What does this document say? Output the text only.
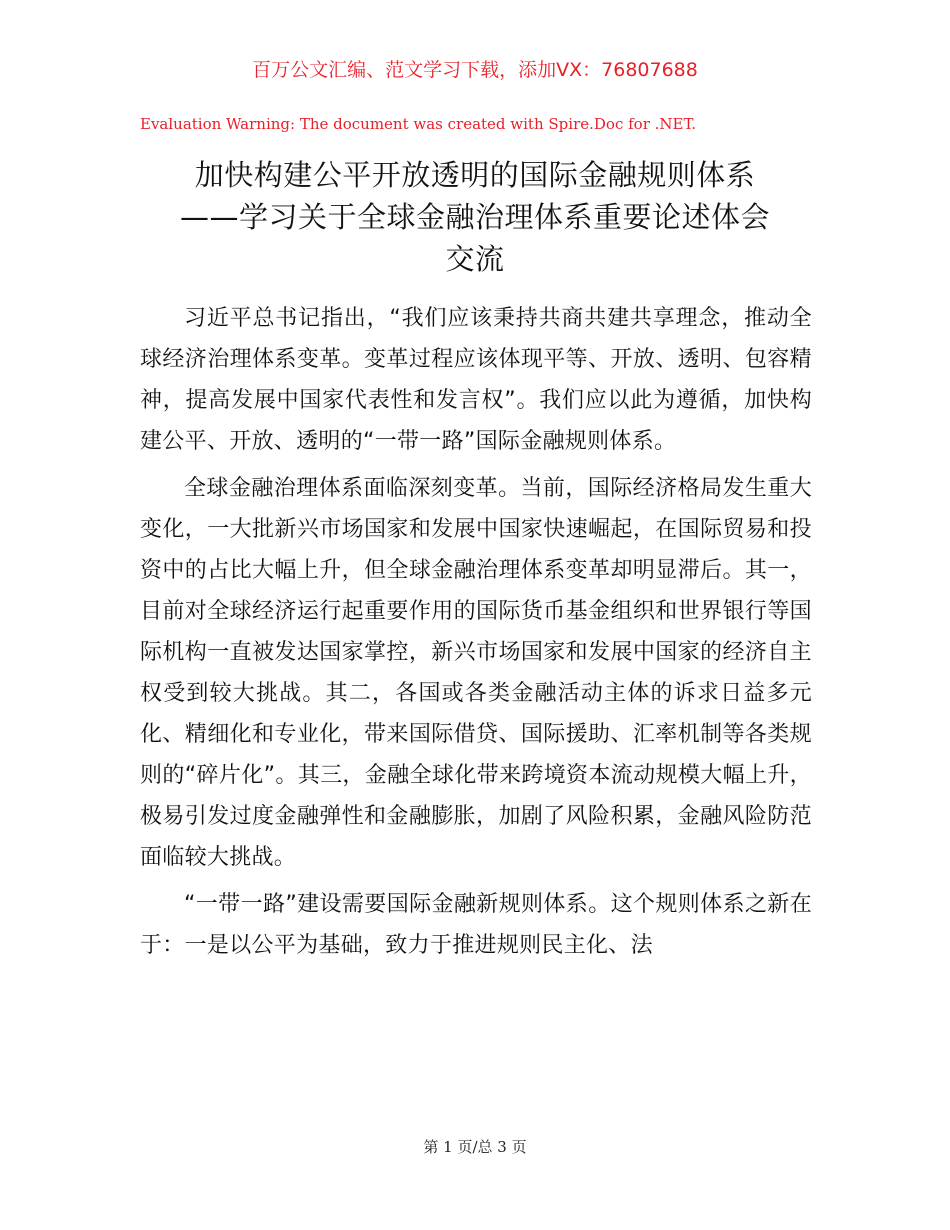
百万公文汇编、范文学习下载，添加VX：76807688
Evaluation Warning: The document was created with Spire.Doc for .NET.
加快构建公平开放透明的国际金融规则体系
——学习关于全球金融治理体系重要论述体会
交流

习近平总书记指出，“我们应该秉持共商共建共享理念，推动全球经济治理体系变革。变革过程应该体现平等、开放、透明、包容精神，提高发展中国家代表性和发言权”。我们应以此为遵循，加快构建公平、开放、透明的“一带一路”国际金融规则体系。

全球金融治理体系面临深刻变革。当前，国际经济格局发生重大变化，一大批新兴市场国家和发展中国家快速崛起，在国际贸易和投资中的占比大幅上升，但全球金融治理体系变革却明显滞后。其一，目前对全球经济运行起重要作用的国际货币基金组织和世界银行等国际机构一直被发达国家掌控，新兴市场国家和发展中国家的经济自主权受到较大挑战。其二，各国或各类金融活动主体的诉求日益多元化、精细化和专业化，带来国际借贷、国际援助、汇率机制等各类规则的“碎片化”。其三，金融全球化带来跨境资本流动规模大幅上升，极易引发过度金融弹性和金融膨胀，加剧了风险积累，金融风险防范面临较大挑战。

“一带一路”建设需要国际金融新规则体系。这个规则体系之新在于：一是以公平为基础，致力于推进规则民主化、法

第 1 页/总 3 页
